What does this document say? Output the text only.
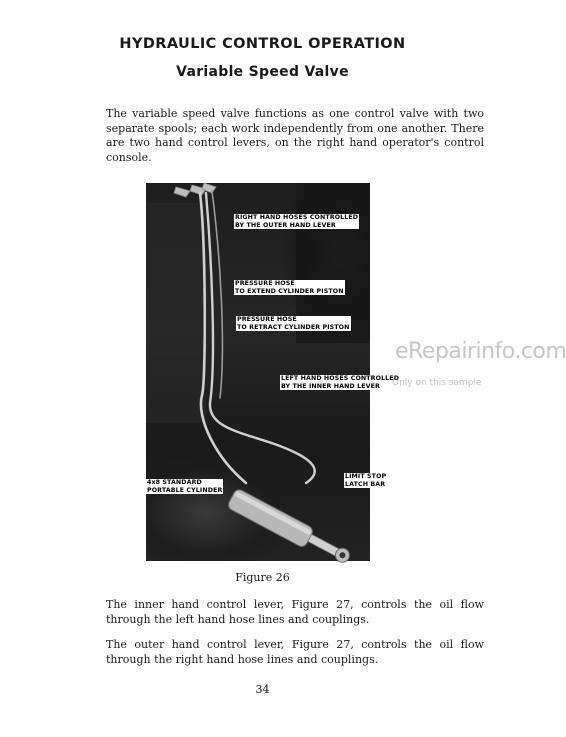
HYDRAULIC CONTROL OPERATION
Variable Speed Valve

The variable speed valve functions as one control valve with two separate spools; each work independently from one another. There are two hand control levers, on the right hand operator's control console.

RIGHT HAND HOSES CONTROLLED
BY THE OUTER HAND LEVER
PRESSURE HOSE
TO EXTEND CYLINDER PISTON
PRESSURE HOSE
TO RETRACT CYLINDER PISTON
LEFT HAND HOSES CONTROLLED
BY THE INNER HAND LEVER
4x8 STANDARD
PORTABLE CYLINDER
LIMIT STOP
LATCH BAR
eRepairinfo.com
Only on this sample
Figure 26

The inner hand control lever, Figure 27, controls the oil flow through the left hand hose lines and couplings.

The outer hand control lever, Figure 27, controls the oil flow through the right hand hose lines and couplings.

34
